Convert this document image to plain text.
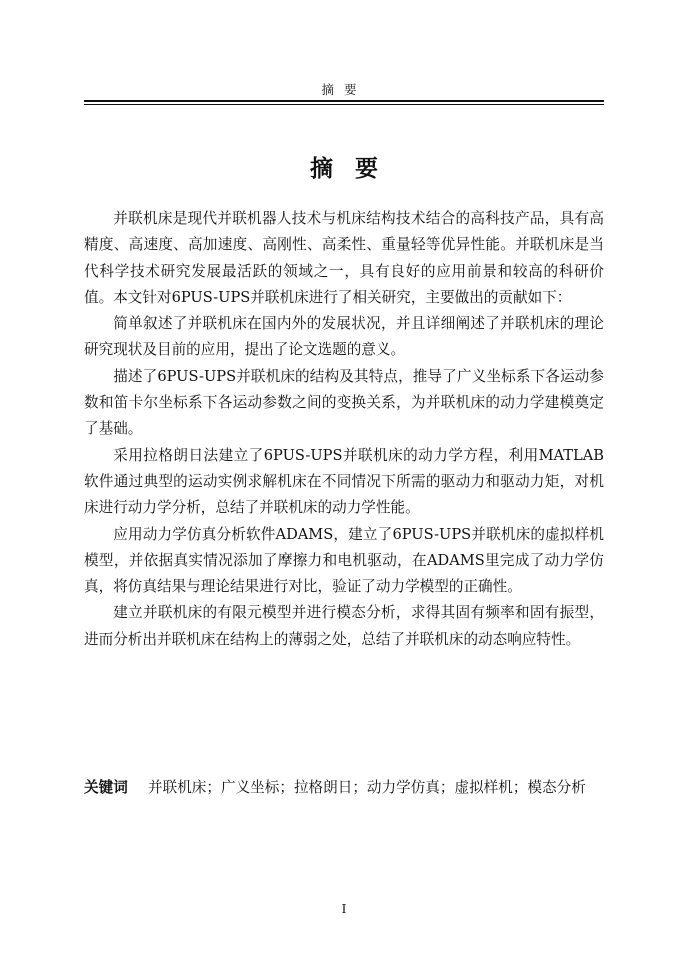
摘要
摘要

并联机床是现代并联机器人技术与机床结构技术结合的高科技产品，具有高精度、高速度、高加速度、高刚性、高柔性、重量轻等优异性能。并联机床是当代科学技术研究发展最活跃的领域之一，具有良好的应用前景和较高的科研价值。本文针对6PUS-UPS并联机床进行了相关研究，主要做出的贡献如下：

简单叙述了并联机床在国内外的发展状况，并且详细阐述了并联机床的理论研究现状及目前的应用，提出了论文选题的意义。

描述了6PUS-UPS并联机床的结构及其特点，推导了广义坐标系下各运动参数和笛卡尔坐标系下各运动参数之间的变换关系，为并联机床的动力学建模奠定了基础。

采用拉格朗日法建立了6PUS-UPS并联机床的动力学方程，利用MATLAB软件通过典型的运动实例求解机床在不同情况下所需的驱动力和驱动力矩，对机床进行动力学分析，总结了并联机床的动力学性能。

应用动力学仿真分析软件ADAMS，建立了6PUS-UPS并联机床的虚拟样机模型，并依据真实情况添加了摩擦力和电机驱动，在ADAMS里完成了动力学仿真，将仿真结果与理论结果进行对比，验证了动力学模型的正确性。

建立并联机床的有限元模型并进行模态分析，求得其固有频率和固有振型，进而分析出并联机床在结构上的薄弱之处，总结了并联机床的动态响应特性。

关键词	并联机床；广义坐标；拉格朗日；动力学仿真；虚拟样机；模态分析
I
